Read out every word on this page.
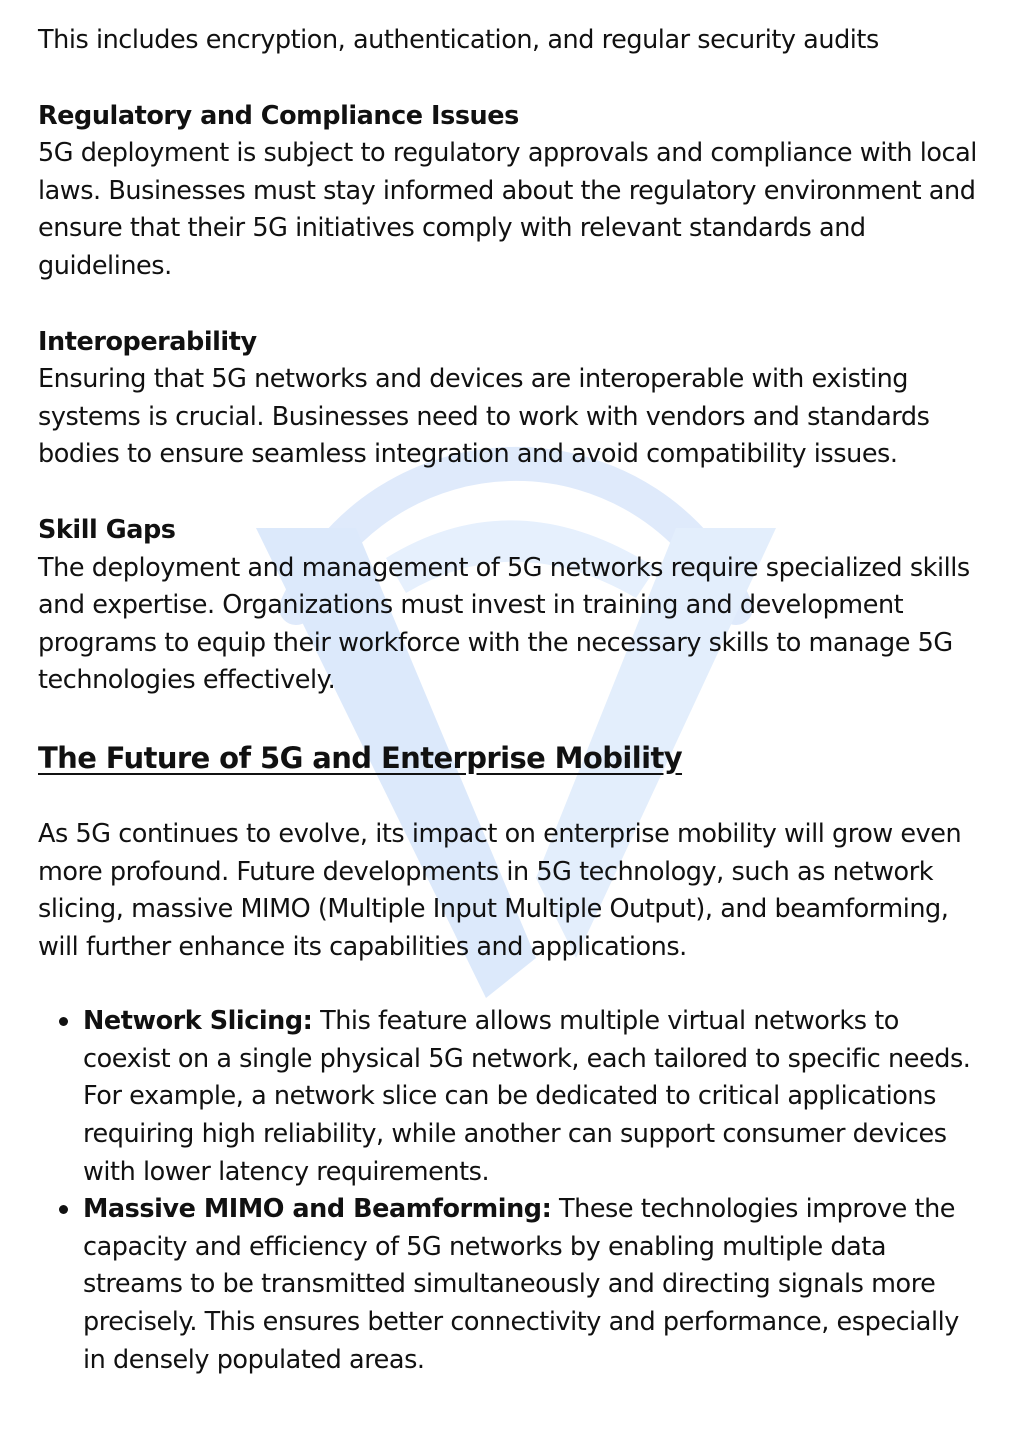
This includes encryption, authentication, and regular security audits

Regulatory and Compliance Issues

5G deployment is subject to regulatory approvals and compliance with local laws. Businesses must stay informed about the regulatory environment and ensure that their 5G initiatives comply with relevant standards and guidelines.

Interoperability

Ensuring that 5G networks and devices are interoperable with existing systems is crucial. Businesses need to work with vendors and standards bodies to ensure seamless integration and avoid compatibility issues.

Skill Gaps

The deployment and management of 5G networks require specialized skills and expertise. Organizations must invest in training and development programs to equip their workforce with the necessary skills to manage 5G technologies effectively.

The Future of 5G and Enterprise Mobility

As 5G continues to evolve, its impact on enterprise mobility will grow even more profound. Future developments in 5G technology, such as network slicing, massive MIMO (Multiple Input Multiple Output), and beamforming, will further enhance its capabilities and applications.

Network Slicing: This feature allows multiple virtual networks to coexist on a single physical 5G network, each tailored to specific needs. For example, a network slice can be dedicated to critical applications requiring high reliability, while another can support consumer devices with lower latency requirements.
Massive MIMO and Beamforming: These technologies improve the capacity and efficiency of 5G networks by enabling multiple data streams to be transmitted simultaneously and directing signals more precisely. This ensures better connectivity and performance, especially in densely populated areas.
